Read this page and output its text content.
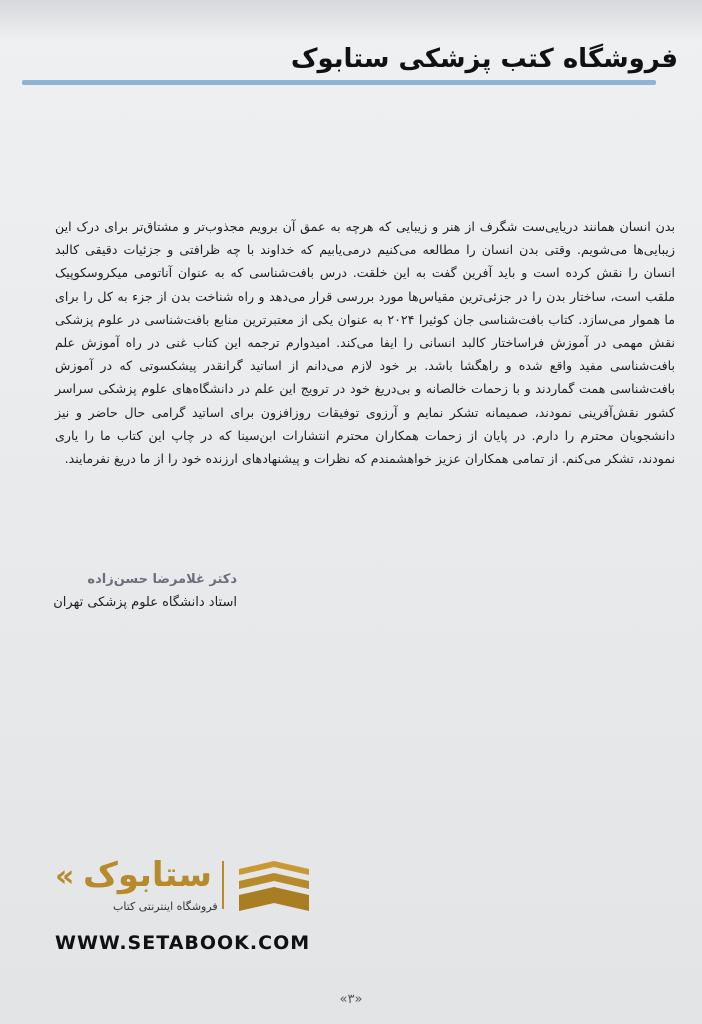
فروشگاه کتب پزشکی ستابوک

بدن انسان همانند دریایی‌ست شگرف از هنر و زیبایی که هرچه به عمق آن برویم مجذوب‌تر و مشتاق‌تر برای درک این زیبایی‌ها می‌شویم. وقتی بدن انسان را مطالعه می‌کنیم درمی‌یابیم که خداوند با چه ظرافتی و جزئیات دقیقی کالبد انسان را نقش کرده است و باید آفرین گفت به این خلقت. درس بافت‌شناسی که به عنوان آناتومی میکروسکوپیک ملقب است، ساختار بدن را در جزئی‌ترین مقیاس‌ها مورد بررسی قرار می‌دهد و راه شناخت بدن از جزء به کل را برای ما هموار می‌سازد. کتاب بافت‌شناسی جان کوئیرا ۲۰۲۴ به عنوان یکی از معتبرترین منابع بافت‌شناسی در علوم پزشکی نقش مهمی در آموزش فراساختار کالبد انسانی را ایفا می‌کند. امیدوارم ترجمه این کتاب غنی در راه آموزش علم بافت‌شناسی مفید واقع شده و راهگشا باشد. بر خود لازم می‌دانم از اساتید گرانقدر پیشکسوتی که در آموزش بافت‌شناسی همت گماردند و با زحمات خالصانه و بی‌دریغ خود در ترویج این علم در دانشگاه‌های علوم پزشکی سراسر کشور نقش‌آفرینی نمودند، صمیمانه تشکر نمایم و آرزوی توفیقات روزافزون برای اساتید گرامی حال حاضر و نیز دانشجویان محترم را دارم. در پایان از زحمات همکاران محترم انتشارات ابن‌سینا که در چاپ این کتاب ما را یاری نمودند، تشکر می‌کنم. از تمامی همکاران عزیز خواهشمندم که نظرات و پیشنهادهای ارزنده خود را از ما دریغ نفرمایند.

دکتر غلامرضا حسن‌زاده
استاد دانشگاه علوم پزشکی تهران
« ستابوک
فروشگاه اینترنتی کتاب
WWW.SETABOOK.COM
«۳»
